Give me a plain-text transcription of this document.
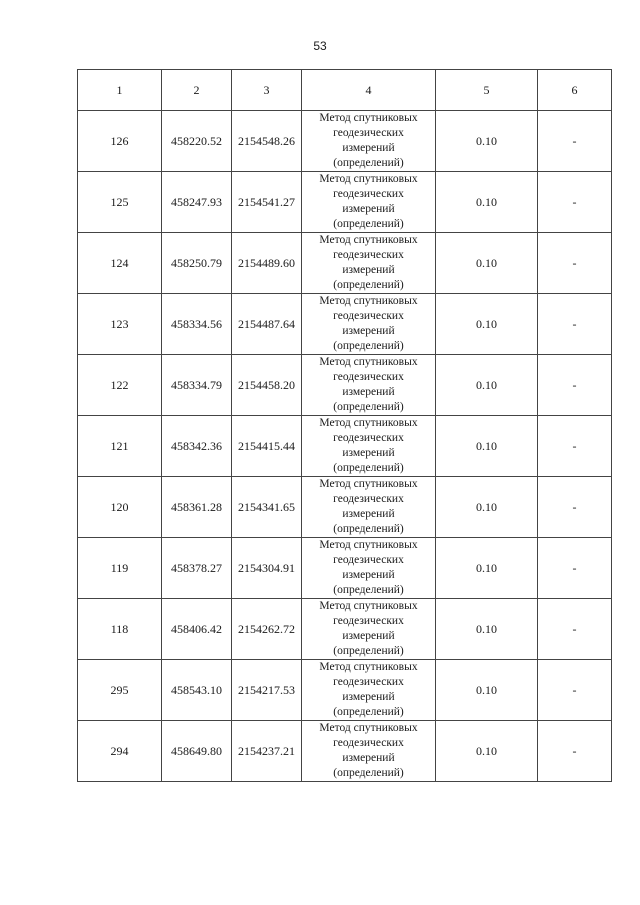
53
1	2	3	4	5	6
126	458220.52	2154548.26	Метод спутниковых
геодезических
измерений
(определений)	0.10	-
125	458247.93	2154541.27	Метод спутниковых
геодезических
измерений
(определений)	0.10	-
124	458250.79	2154489.60	Метод спутниковых
геодезических
измерений
(определений)	0.10	-
123	458334.56	2154487.64	Метод спутниковых
геодезических
измерений
(определений)	0.10	-
122	458334.79	2154458.20	Метод спутниковых
геодезических
измерений
(определений)	0.10	-
121	458342.36	2154415.44	Метод спутниковых
геодезических
измерений
(определений)	0.10	-
120	458361.28	2154341.65	Метод спутниковых
геодезических
измерений
(определений)	0.10	-
119	458378.27	2154304.91	Метод спутниковых
геодезических
измерений
(определений)	0.10	-
118	458406.42	2154262.72	Метод спутниковых
геодезических
измерений
(определений)	0.10	-
295	458543.10	2154217.53	Метод спутниковых
геодезических
измерений
(определений)	0.10	-
294	458649.80	2154237.21	Метод спутниковых
геодезических
измерений
(определений)	0.10	-
